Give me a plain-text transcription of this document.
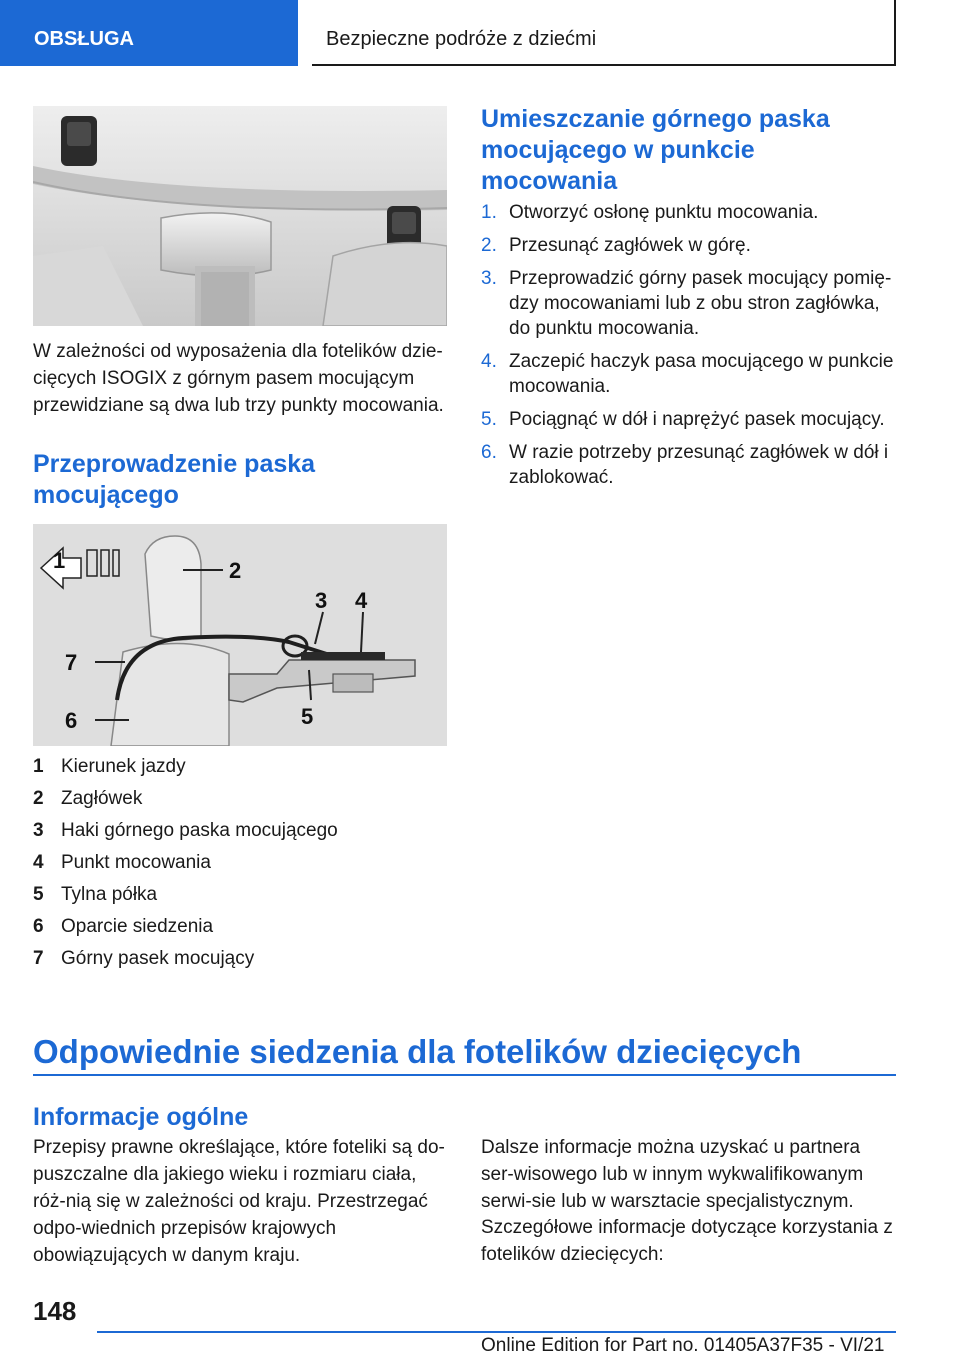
OBSŁUGA	Bezpieczne podróże z dziećmi
W zależności od wyposażenia dla fotelików dzie-cięcych ISOGIX z górnym pasem mocującym przewidziane są dwa lub trzy punkty mocowania.
Przeprowadzenie paska mocującego
1	2
3 4
5
6
7
1 Kierunek jazdy
2 Zagłówek
3 Haki górnego paska mocującego
4 Punkt mocowania
5 Tylna półka
6 Oparcie siedzenia
7 Górny pasek mocujący
Umieszczanie górnego paska mocującego w punkcie mocowania
1. Otworzyć osłonę punktu mocowania.
2. Przesunąć zagłówek w górę.
3. Przeprowadzić górny pasek mocujący pomię-dzy mocowaniami lub z obu stron zagłówka, do punktu mocowania.
4. Zaczepić haczyk pasa mocującego w punkcie mocowania.
5. Pociągnąć w dół i naprężyć pasek mocujący.
6. W razie potrzeby przesunąć zagłówek w dół i zablokować.
Odpowiednie siedzenia dla fotelików dziecięcych
Informacje ogólne
Przepisy prawne określające, które foteliki są do-puszczalne dla jakiego wieku i rozmiaru ciała, róż-nią się w zależności od kraju. Przestrzegać odpo-wiednich przepisów krajowych obowiązujących w danym kraju.
Dalsze informacje można uzyskać u partnera ser-wisowego lub w innym wykwalifikowanym serwi-sie lub w warsztacie specjalistycznym.
Szczegółowe informacje dotyczące korzystania z fotelików dziecięcych:
148
Online Edition for Part no. 01405A37F35 - VI/21
